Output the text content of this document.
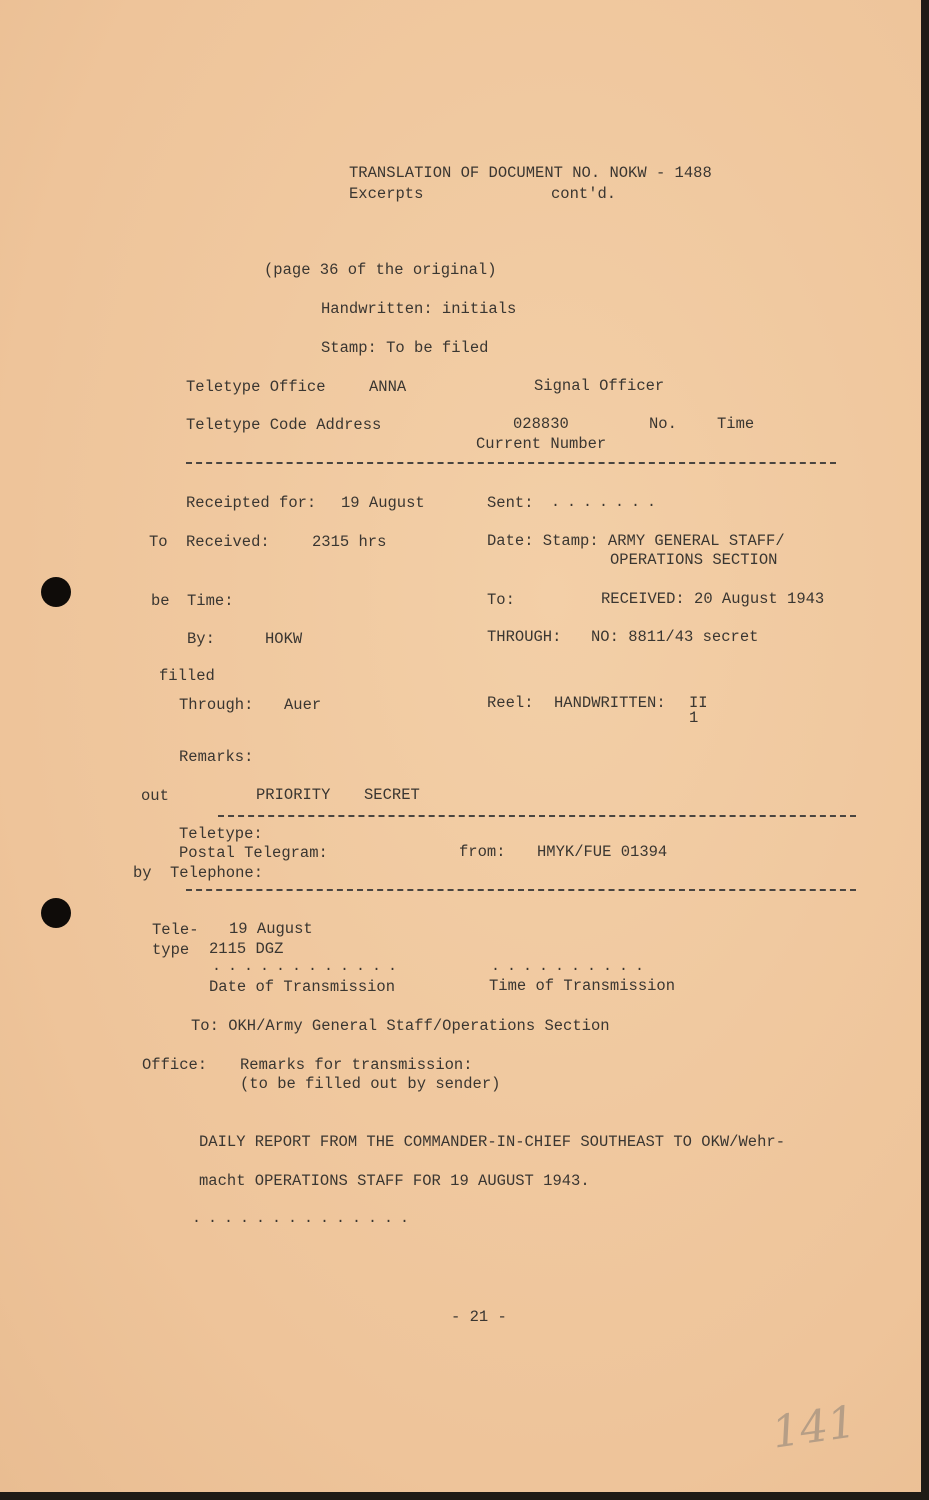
TRANSLATION OF DOCUMENT NO. NOKW - 1488
Excerpts	cont'd.
(page 36 of the original)
Handwritten: initials
Stamp: To be filed
Teletype Office	ANNA	Signal Officer
Teletype Code Address	028830	No.	Time
Current Number
Receipted for: 19 August	Sent: .......
To Received:	2315 hrs	Date: Stamp: ARMY GENERAL STAFF/
OPERATIONS SECTION
be Time:	To:	RECEIVED: 20 August 1943
By:	HOKW	THROUGH: NO: 8811/43 secret
filled
Through: Auer	Reel: HANDWRITTEN: II
1
Remarks:
out	PRIORITY SECRET
Teletype:
Postal Telegram:	from: HMYK/FUE 01394
by Telephone:
Tele- 19 August
type 2115 DGZ
............	..........
Date of Transmission	Time of Transmission
To: OKH/Army General Staff/Operations Section
Office: Remarks for transmission:
(to be filled out by sender)
DAILY REPORT FROM THE COMMANDER-IN-CHIEF SOUTHEAST TO OKW/Wehr-
macht OPERATIONS STAFF FOR 19 AUGUST 1943.
..............
- 21 -
141
